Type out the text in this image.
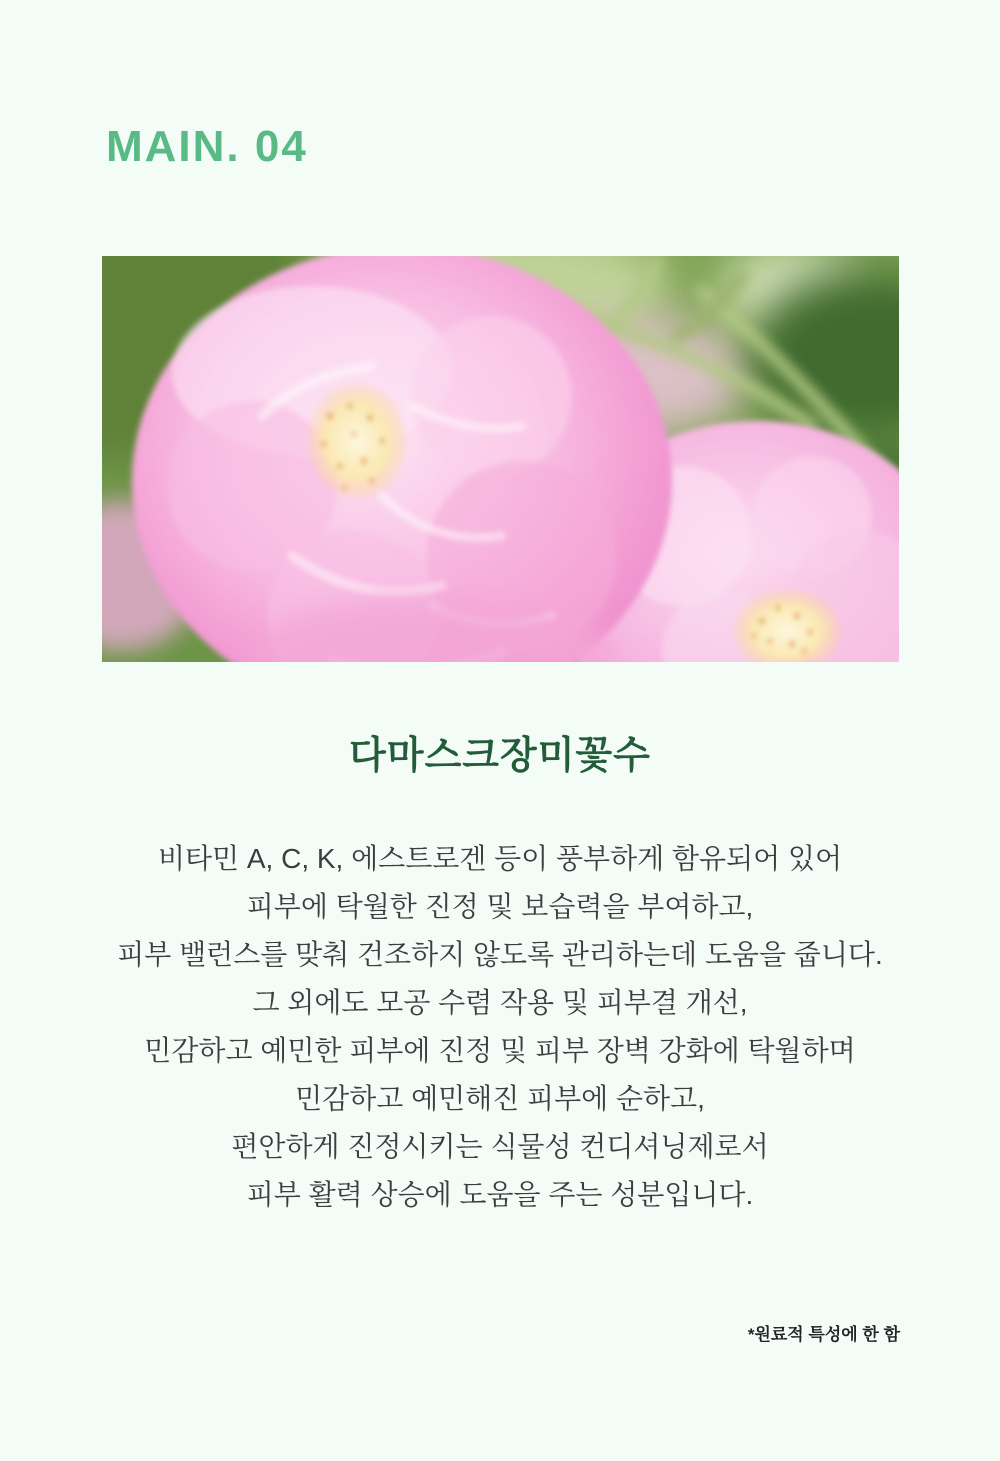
MAIN. 04
다마스크장미꽃수
비타민 A, C, K, 에스트로겐 등이 풍부하게 함유되어 있어
피부에 탁월한 진정 및 보습력을 부여하고,
피부 밸런스를 맞춰 건조하지 않도록 관리하는데 도움을 줍니다.
그 외에도 모공 수렴 작용 및 피부결 개선,
민감하고 예민한 피부에 진정 및 피부 장벽 강화에 탁월하며
민감하고 예민해진 피부에 순하고,
편안하게 진정시키는 식물성 컨디셔닝제로서
피부 활력 상승에 도움을 주는 성분입니다.
*원료적 특성에 한 함
